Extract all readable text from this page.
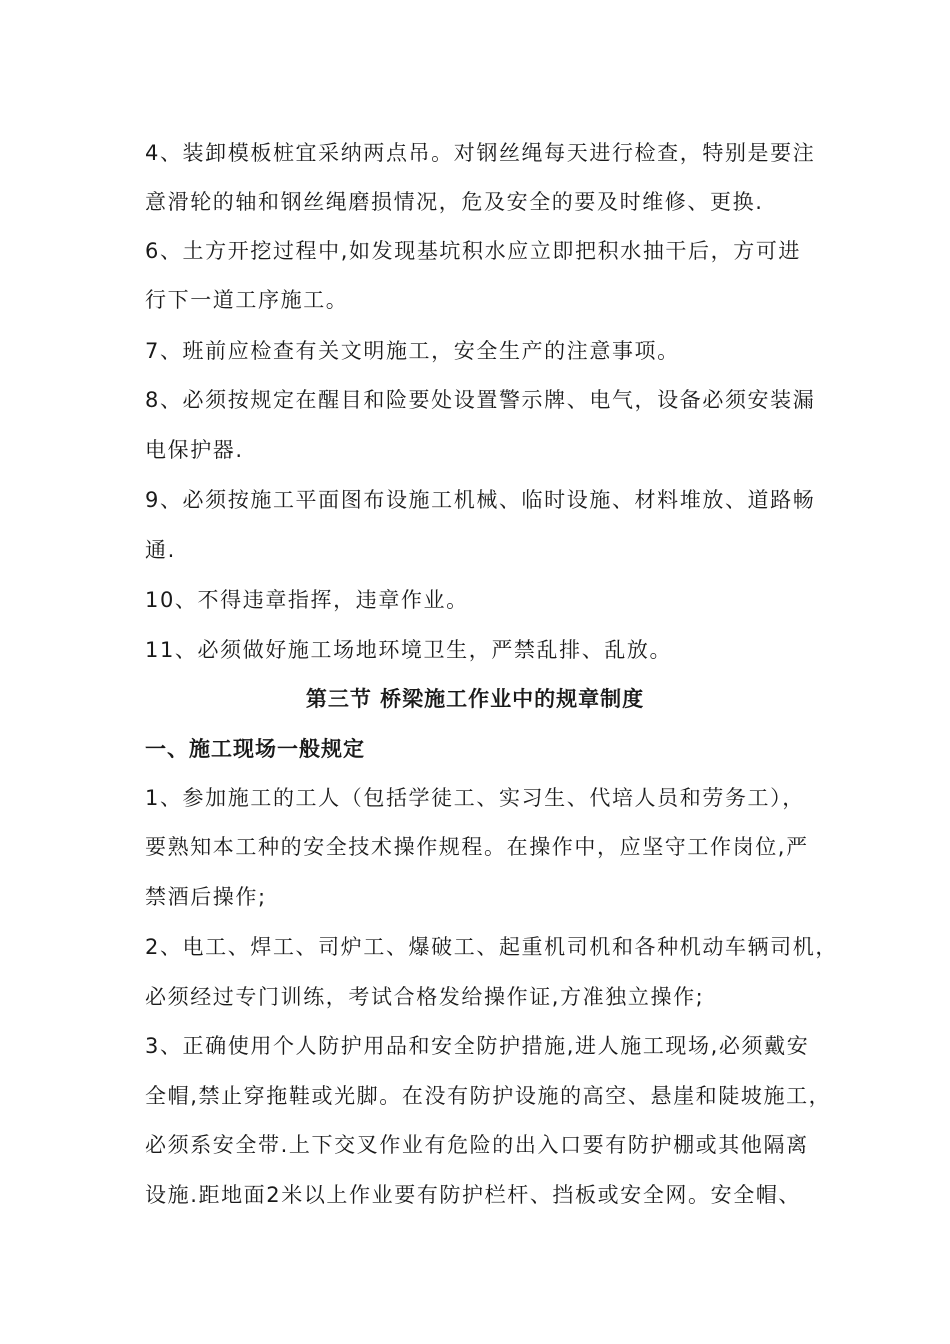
4、装卸模板桩宜采纳两点吊。对钢丝绳每天进行检查，特别是要注
意滑轮的轴和钢丝绳磨损情况，危及安全的要及时维修、更换.
6、土方开挖过程中,如发现基坑积水应立即把积水抽干后，方可进
行下一道工序施工。
7、班前应检查有关文明施工，安全生产的注意事项。
8、必须按规定在醒目和险要处设置警示牌、电气，设备必须安装漏
电保护器.
9、必须按施工平面图布设施工机械、临时设施、材料堆放、道路畅
通.
10、不得违章指挥，违章作业。
11、必须做好施工场地环境卫生，严禁乱排、乱放。
第三节 桥梁施工作业中的规章制度
一、施工现场一般规定
1、参加施工的工人（包括学徒工、实习生、代培人员和劳务工），
要熟知本工种的安全技术操作规程。在操作中，应坚守工作岗位,严
禁酒后操作;
2、电工、焊工、司炉工、爆破工、起重机司机和各种机动车辆司机，
必须经过专门训练，考试合格发给操作证,方准独立操作;
3、正确使用个人防护用品和安全防护措施,进人施工现场,必须戴安
全帽,禁止穿拖鞋或光脚。在没有防护设施的高空、悬崖和陡坡施工，
必须系安全带.上下交叉作业有危险的出入口要有防护棚或其他隔离
设施.距地面2米以上作业要有防护栏杆、挡板或安全网。安全帽、
